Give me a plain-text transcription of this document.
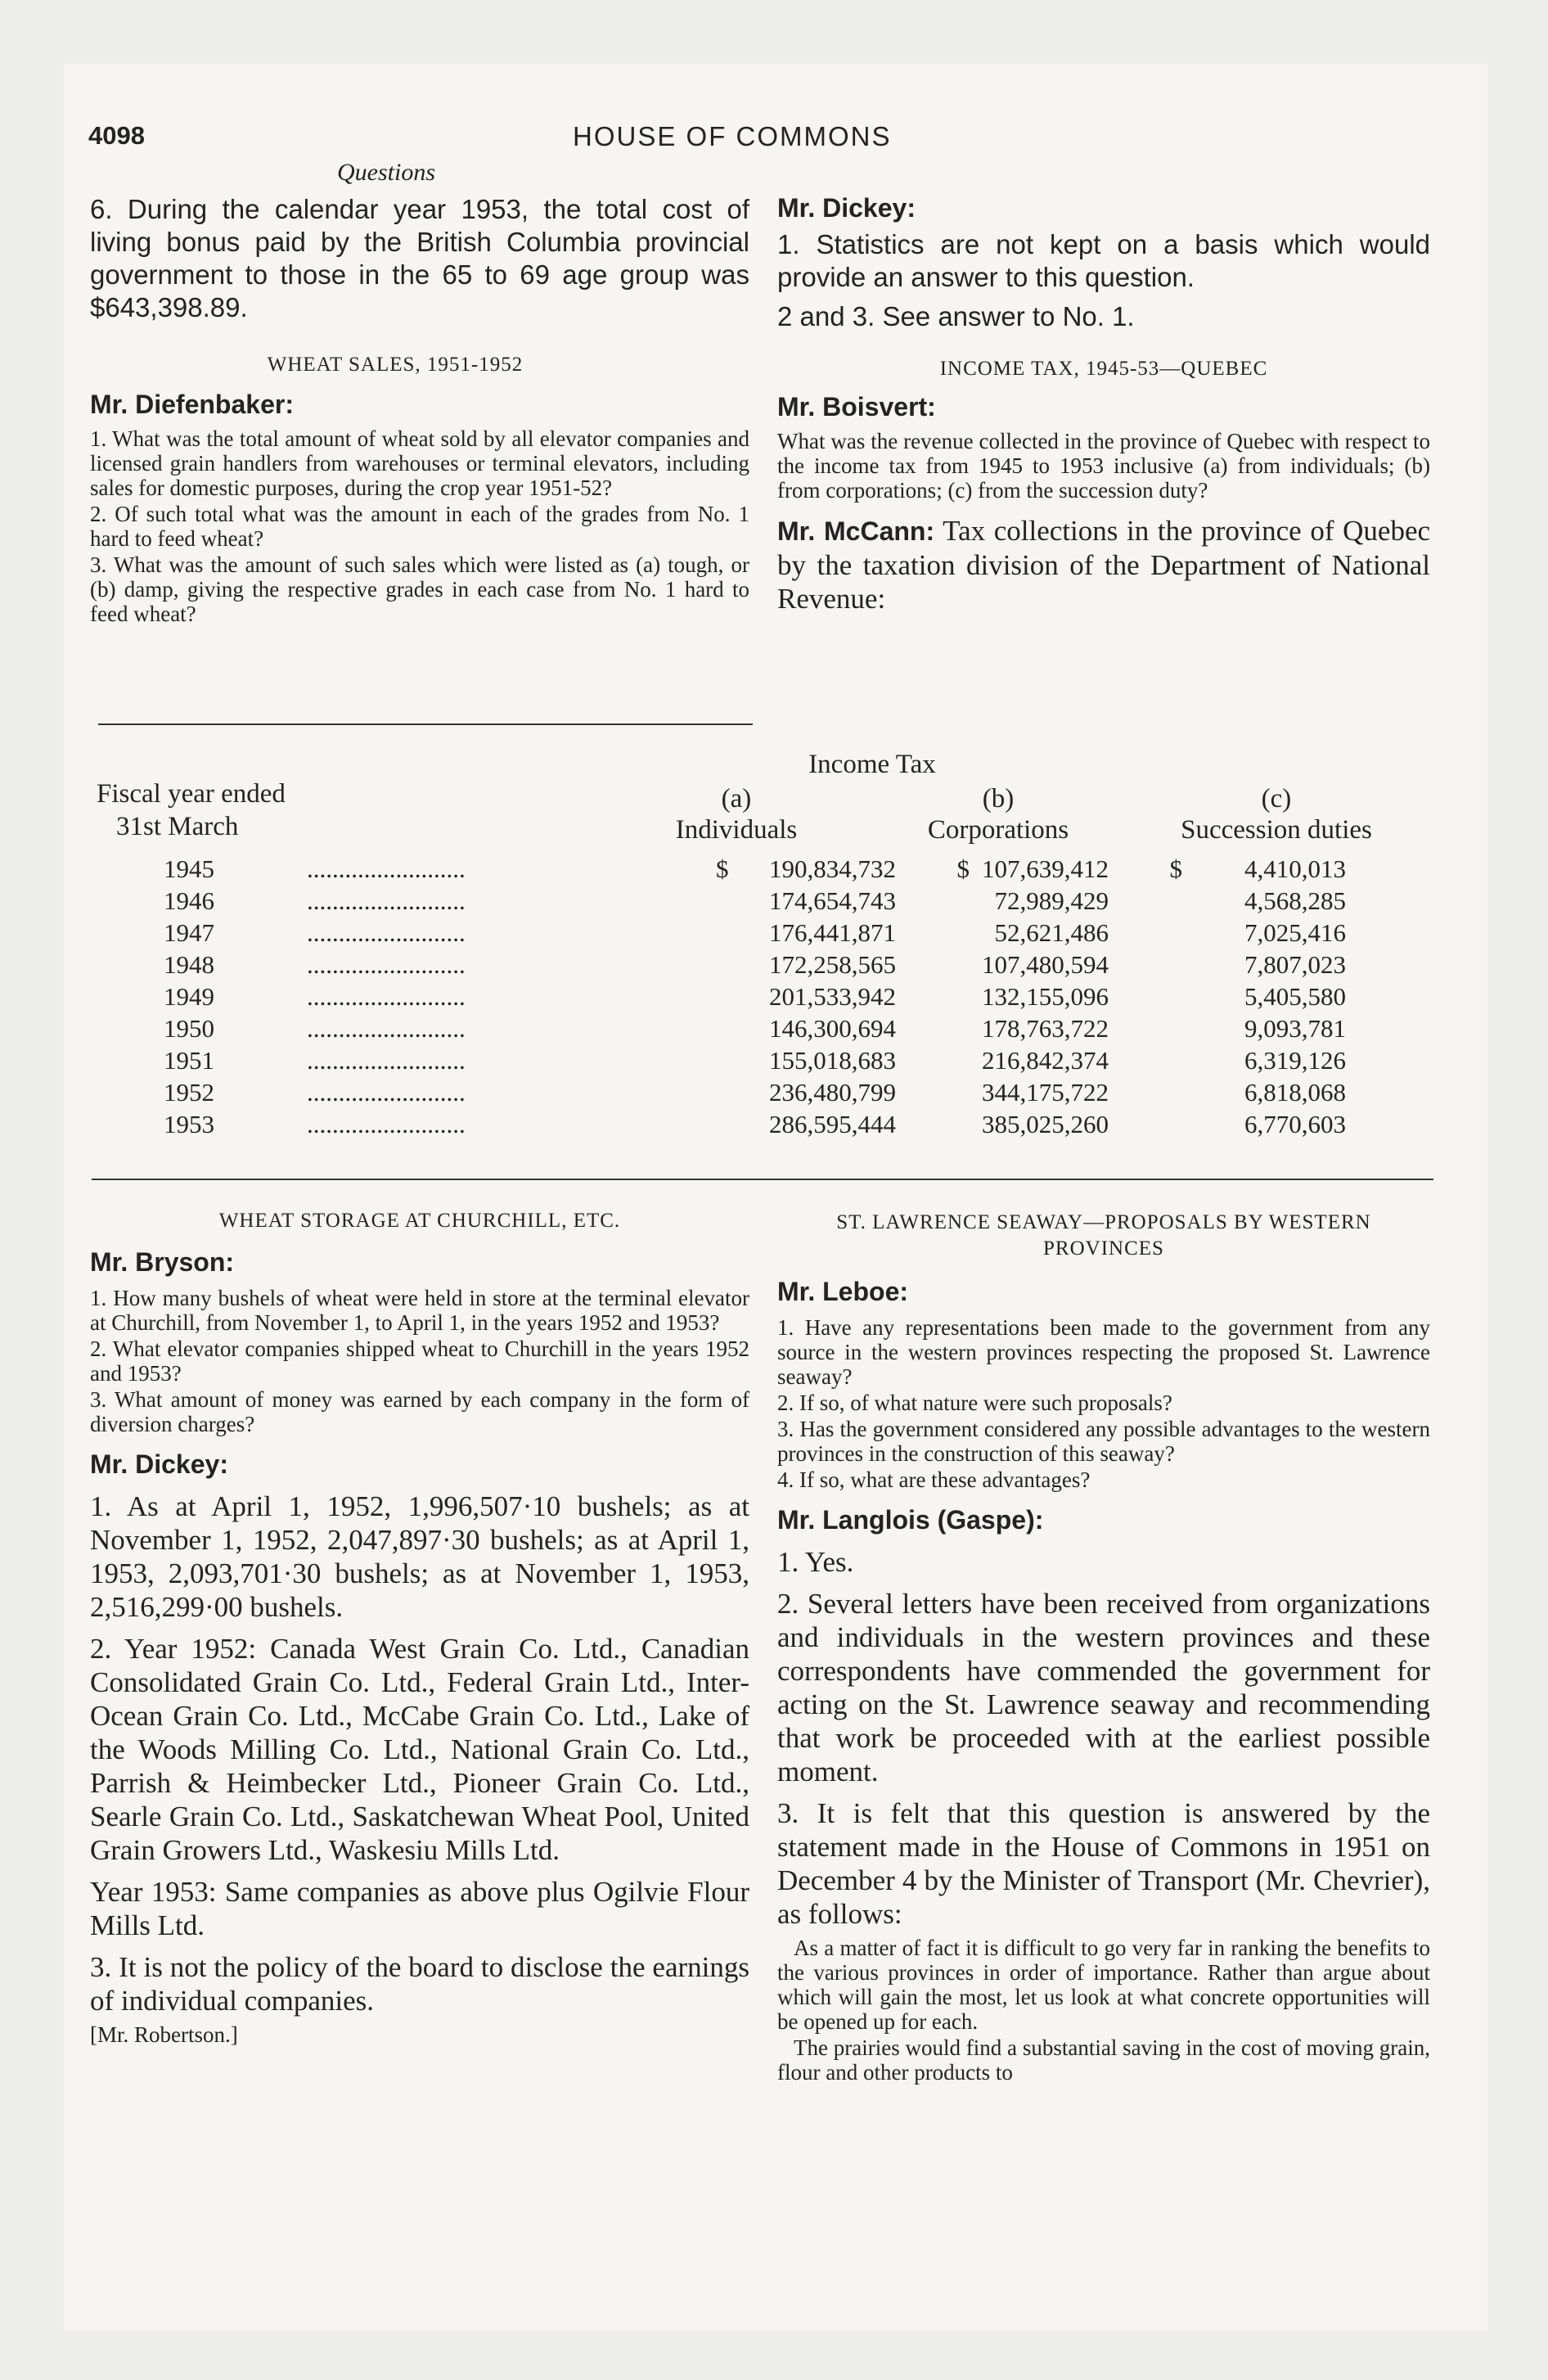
4098	HOUSE OF COMMONS
Questions

6. During the calendar year 1953, the total cost of living bonus paid by the British Columbia provincial government to those in the 65 to 69 age group was $643,398.89.

WHEAT SALES, 1951-1952

Mr. Diefenbaker:

1. What was the total amount of wheat sold by all elevator companies and licensed grain handlers from warehouses or terminal elevators, including sales for domestic purposes, during the crop year 1951-52?

2. Of such total what was the amount in each of the grades from No. 1 hard to feed wheat?

3. What was the amount of such sales which were listed as (a) tough, or (b) damp, giving the respective grades in each case from No. 1 hard to feed wheat?

Mr. Dickey:

1. Statistics are not kept on a basis which would provide an answer to this question.

2 and 3. See answer to No. 1.

INCOME TAX, 1945-53—QUEBEC

Mr. Boisvert:

What was the revenue collected in the province of Quebec with respect to the income tax from 1945 to 1953 inclusive (a) from individuals; (b) from corporations; (c) from the succession duty?

Mr. McCann: Tax collections in the province of Quebec by the taxation division of the Department of National Revenue:

Income Tax
Fiscal year ended
31st March
(a)
Individuals
(b)
Corporations
(c)
Succession duties
1945	.........................	$	190,834,732	$	107,639,412	$	4,410,013
1946	.........................		174,654,743		72,989,429		4,568,285
1947	.........................		176,441,871		52,621,486		7,025,416
1948	.........................		172,258,565		107,480,594		7,807,023
1949	.........................		201,533,942		132,155,096		5,405,580
1950	.........................		146,300,694		178,763,722		9,093,781
1951	.........................		155,018,683		216,842,374		6,319,126
1952	.........................		236,480,799		344,175,722		6,818,068
1953	.........................		286,595,444		385,025,260		6,770,603

WHEAT STORAGE AT CHURCHILL, ETC.

Mr. Bryson:

1. How many bushels of wheat were held in store at the terminal elevator at Churchill, from November 1, to April 1, in the years 1952 and 1953?

2. What elevator companies shipped wheat to Churchill in the years 1952 and 1953?

3. What amount of money was earned by each company in the form of diversion charges?

Mr. Dickey:

1. As at April 1, 1952, 1,996,507·10 bushels; as at November 1, 1952, 2,047,897·30 bushels; as at April 1, 1953, 2,093,701·30 bushels; as at November 1, 1953, 2,516,299·00 bushels.

2. Year 1952: Canada West Grain Co. Ltd., Canadian Consolidated Grain Co. Ltd., Federal Grain Ltd., Inter-Ocean Grain Co. Ltd., McCabe Grain Co. Ltd., Lake of the Woods Milling Co. Ltd., National Grain Co. Ltd., Parrish & Heimbecker Ltd., Pioneer Grain Co. Ltd., Searle Grain Co. Ltd., Saskatchewan Wheat Pool, United Grain Growers Ltd., Waskesiu Mills Ltd.

Year 1953: Same companies as above plus Ogilvie Flour Mills Ltd.

3. It is not the policy of the board to disclose the earnings of individual companies.

[Mr. Robertson.]

ST. LAWRENCE SEAWAY—PROPOSALS BY WESTERN PROVINCES

Mr. Leboe:

1. Have any representations been made to the government from any source in the western provinces respecting the proposed St. Lawrence seaway?

2. If so, of what nature were such proposals?

3. Has the government considered any possible advantages to the western provinces in the construction of this seaway?

4. If so, what are these advantages?

Mr. Langlois (Gaspe):

1. Yes.

2. Several letters have been received from organizations and individuals in the western provinces and these correspondents have commended the government for acting on the St. Lawrence seaway and recommending that work be proceeded with at the earliest possible moment.

3. It is felt that this question is answered by the statement made in the House of Commons in 1951 on December 4 by the Minister of Transport (Mr. Chevrier), as follows:

As a matter of fact it is difficult to go very far in ranking the benefits to the various provinces in order of importance. Rather than argue about which will gain the most, let us look at what concrete opportunities will be opened up for each.

The prairies would find a substantial saving in the cost of moving grain, flour and other products to
